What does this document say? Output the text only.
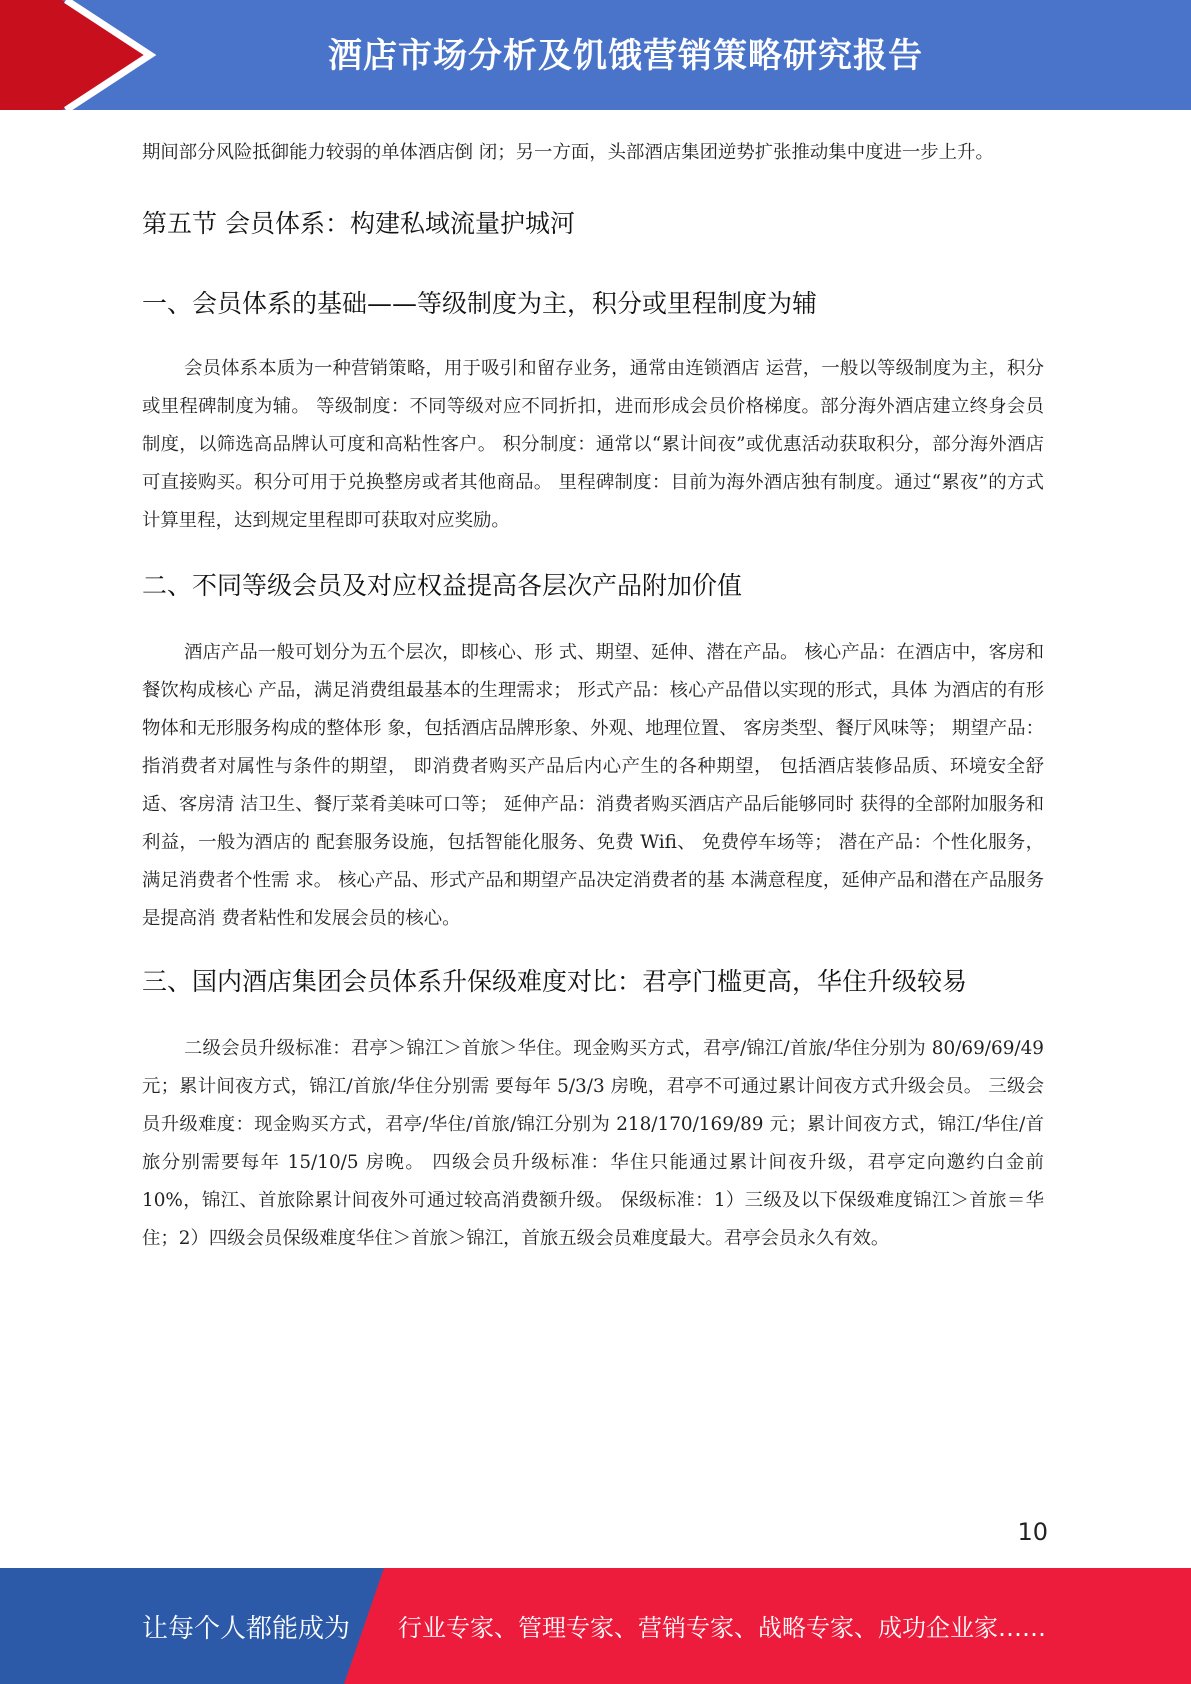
酒店市场分析及饥饿营销策略研究报告

期间部分风险抵御能力较弱的单体酒店倒 闭；另一方面，头部酒店集团逆势扩张推动集中度进一步上升。

第五节 会员体系：构建私域流量护城河
一、会员体系的基础——等级制度为主，积分或里程制度为辅

会员体系本质为一种营销策略，用于吸引和留存业务，通常由连锁酒店 运营，一般以等级制度为主，积分或里程碑制度为辅。 等级制度：不同等级对应不同折扣，进而形成会员价格梯度。部分海外酒店建立终身会员制度，以筛选高品牌认可度和高粘性客户。 积分制度：通常以“累计间夜”或优惠活动获取积分，部分海外酒店可直接购买。积分可用于兑换整房或者其他商品。 里程碑制度：目前为海外酒店独有制度。通过“累夜”的方式计算里程，达到规定里程即可获取对应奖励。

二、不同等级会员及对应权益提高各层次产品附加价值

酒店产品一般可划分为五个层次，即核心、形 式、期望、延伸、潜在产品。 核心产品：在酒店中，客房和餐饮构成核心 产品，满足消费组最基本的生理需求； 形式产品：核心产品借以实现的形式，具体 为酒店的有形物体和无形服务构成的整体形 象，包括酒店品牌形象、外观、地理位置、 客房类型、餐厅风味等； 期望产品：指消费者对属性与条件的期望， 即消费者购买产品后内心产生的各种期望， 包括酒店装修品质、环境安全舒适、客房清 洁卫生、餐厅菜肴美味可口等； 延伸产品：消费者购买酒店产品后能够同时 获得的全部附加服务和利益，一般为酒店的 配套服务设施，包括智能化服务、免费 Wifi、 免费停车场等； 潜在产品：个性化服务，满足消费者个性需 求。 核心产品、形式产品和期望产品决定消费者的基 本满意程度，延伸产品和潜在产品服务是提高消 费者粘性和发展会员的核心。

三、国内酒店集团会员体系升保级难度对比：君亭门槛更高，华住升级较易

二级会员升级标准：君亭＞锦江＞首旅＞华住。现金购买方式，君亭/锦江/首旅/华住分别为 80/69/69/49 元；累计间夜方式，锦江/首旅/华住分别需 要每年 5/3/3 房晚，君亭不可通过累计间夜方式升级会员。 三级会员升级难度：现金购买方式，君亭/华住/首旅/锦江分别为 218/170/169/89 元；累计间夜方式，锦江/华住/首旅分别需要每年 15/10/5 房晚。 四级会员升级标准：华住只能通过累计间夜升级，君亭定向邀约白金前 10%，锦江、首旅除累计间夜外可通过较高消费额升级。 保级标准：1）三级及以下保级难度锦江＞首旅＝华住；2）四级会员保级难度华住＞首旅＞锦江，首旅五级会员难度最大。君亭会员永久有效。

10
让每个人都能成为 行业专家、管理专家、营销专家、战略专家、成功企业家……
